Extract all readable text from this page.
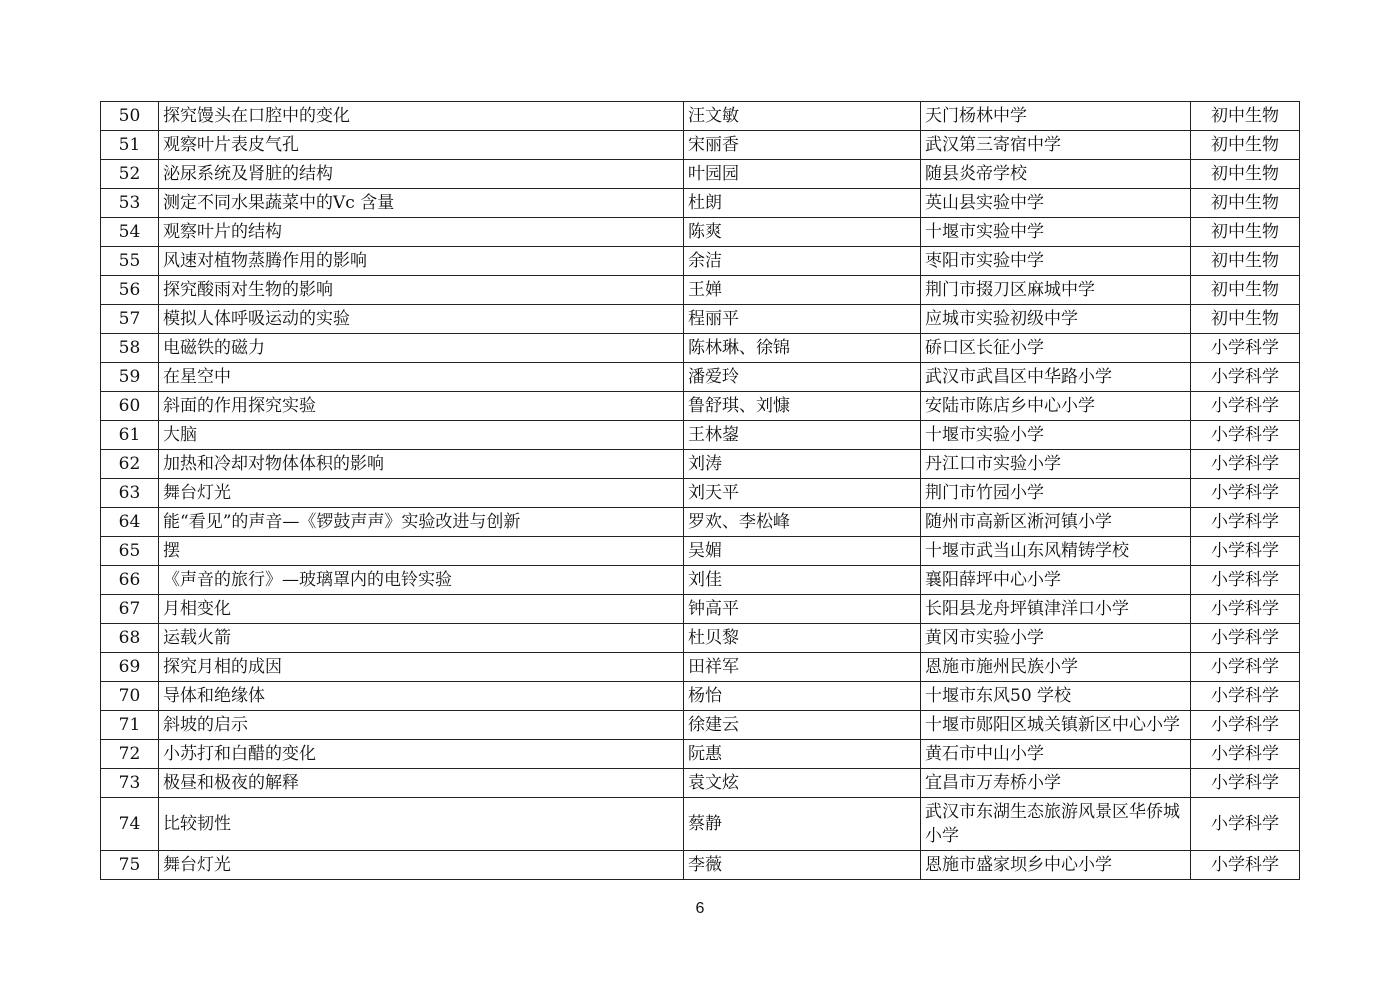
50	探究馒头在口腔中的变化	汪文敏	天门杨林中学	初中生物
51	观察叶片表皮气孔	宋丽香	武汉第三寄宿中学	初中生物
52	泌尿系统及肾脏的结构	叶园园	随县炎帝学校	初中生物
53	测定不同水果蔬菜中的Vc 含量	杜朗	英山县实验中学	初中生物
54	观察叶片的结构	陈爽	十堰市实验中学	初中生物
55	风速对植物蒸腾作用的影响	余洁	枣阳市实验中学	初中生物
56	探究酸雨对生物的影响	王婵	荆门市掇刀区麻城中学	初中生物
57	模拟人体呼吸运动的实验	程丽平	应城市实验初级中学	初中生物
58	电磁铁的磁力	陈林琳、徐锦	硚口区长征小学	小学科学
59	在星空中	潘爱玲	武汉市武昌区中华路小学	小学科学
60	斜面的作用探究实验	鲁舒琪、刘慷	安陆市陈店乡中心小学	小学科学
61	大脑	王林鋆	十堰市实验小学	小学科学
62	加热和冷却对物体体积的影响	刘涛	丹江口市实验小学	小学科学
63	舞台灯光	刘天平	荆门市竹园小学	小学科学
64	能“看见”的声音—《锣鼓声声》实验改进与创新	罗欢、李松峰	随州市高新区淅河镇小学	小学科学
65	摆	吴媚	十堰市武当山东风精铸学校	小学科学
66	《声音的旅行》—玻璃罩内的电铃实验	刘佳	襄阳薛坪中心小学	小学科学
67	月相变化	钟高平	长阳县龙舟坪镇津洋口小学	小学科学
68	运载火箭	杜贝黎	黄冈市实验小学	小学科学
69	探究月相的成因	田祥军	恩施市施州民族小学	小学科学
70	导体和绝缘体	杨怡	十堰市东风50 学校	小学科学
71	斜坡的启示	徐建云	十堰市郧阳区城关镇新区中心小学	小学科学
72	小苏打和白醋的变化	阮惠	黄石市中山小学	小学科学
73	极昼和极夜的解释	袁文炫	宜昌市万寿桥小学	小学科学
74	比较韧性	蔡静	武汉市东湖生态旅游风景区华侨城小学	小学科学
75	舞台灯光	李薇	恩施市盛家坝乡中心小学	小学科学
6
